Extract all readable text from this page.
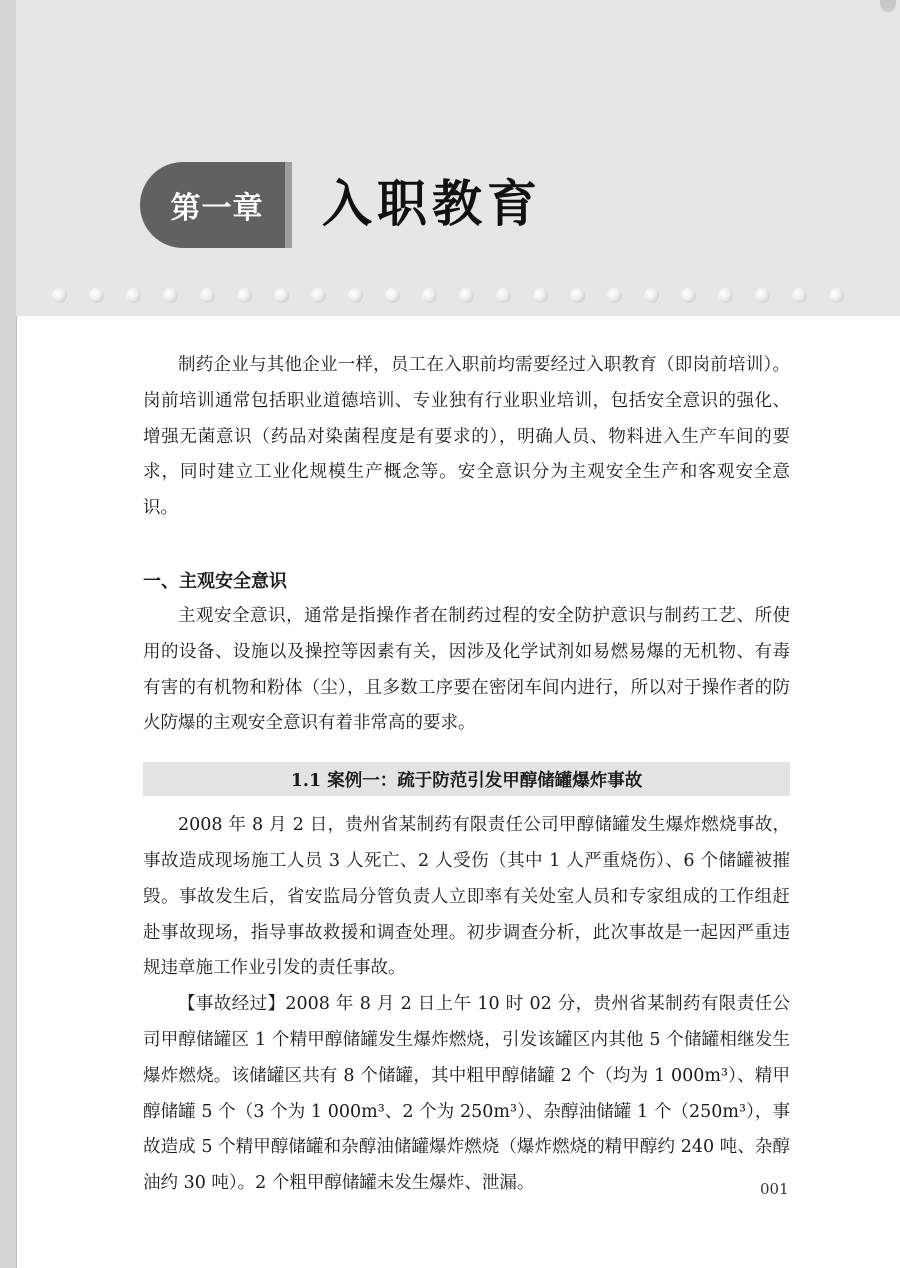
第一章 入职教育

制药企业与其他企业一样，员工在入职前均需要经过入职教育（即岗前培训）。岗前培训通常包括职业道德培训、专业独有行业职业培训，包括安全意识的强化、增强无菌意识（药品对染菌程度是有要求的），明确人员、物料进入生产车间的要求，同时建立工业化规模生产概念等。安全意识分为主观安全生产和客观安全意识。

一、主观安全意识

主观安全意识，通常是指操作者在制药过程的安全防护意识与制药工艺、所使用的设备、设施以及操控等因素有关，因涉及化学试剂如易燃易爆的无机物、有毒有害的有机物和粉体（尘），且多数工序要在密闭车间内进行，所以对于操作者的防火防爆的主观安全意识有着非常高的要求。

1.1 案例一：疏于防范引发甲醇储罐爆炸事故

2008 年 8 月 2 日，贵州省某制药有限责任公司甲醇储罐发生爆炸燃烧事故，事故造成现场施工人员 3 人死亡、2 人受伤（其中 1 人严重烧伤）、6 个储罐被摧毁。事故发生后，省安监局分管负责人立即率有关处室人员和专家组成的工作组赶赴事故现场，指导事故救援和调查处理。初步调查分析，此次事故是一起因严重违规违章施工作业引发的责任事故。

【事故经过】2008 年 8 月 2 日上午 10 时 02 分，贵州省某制药有限责任公司甲醇储罐区 1 个精甲醇储罐发生爆炸燃烧，引发该罐区内其他 5 个储罐相继发生爆炸燃烧。该储罐区共有 8 个储罐，其中粗甲醇储罐 2 个（均为 1 000m³）、精甲醇储罐 5 个（3 个为 1 000m³、2 个为 250m³）、杂醇油储罐 1 个（250m³），事故造成 5 个精甲醇储罐和杂醇油储罐爆炸燃烧（爆炸燃烧的精甲醇约 240 吨、杂醇油约 30 吨）。2 个粗甲醇储罐未发生爆炸、泄漏。	001
